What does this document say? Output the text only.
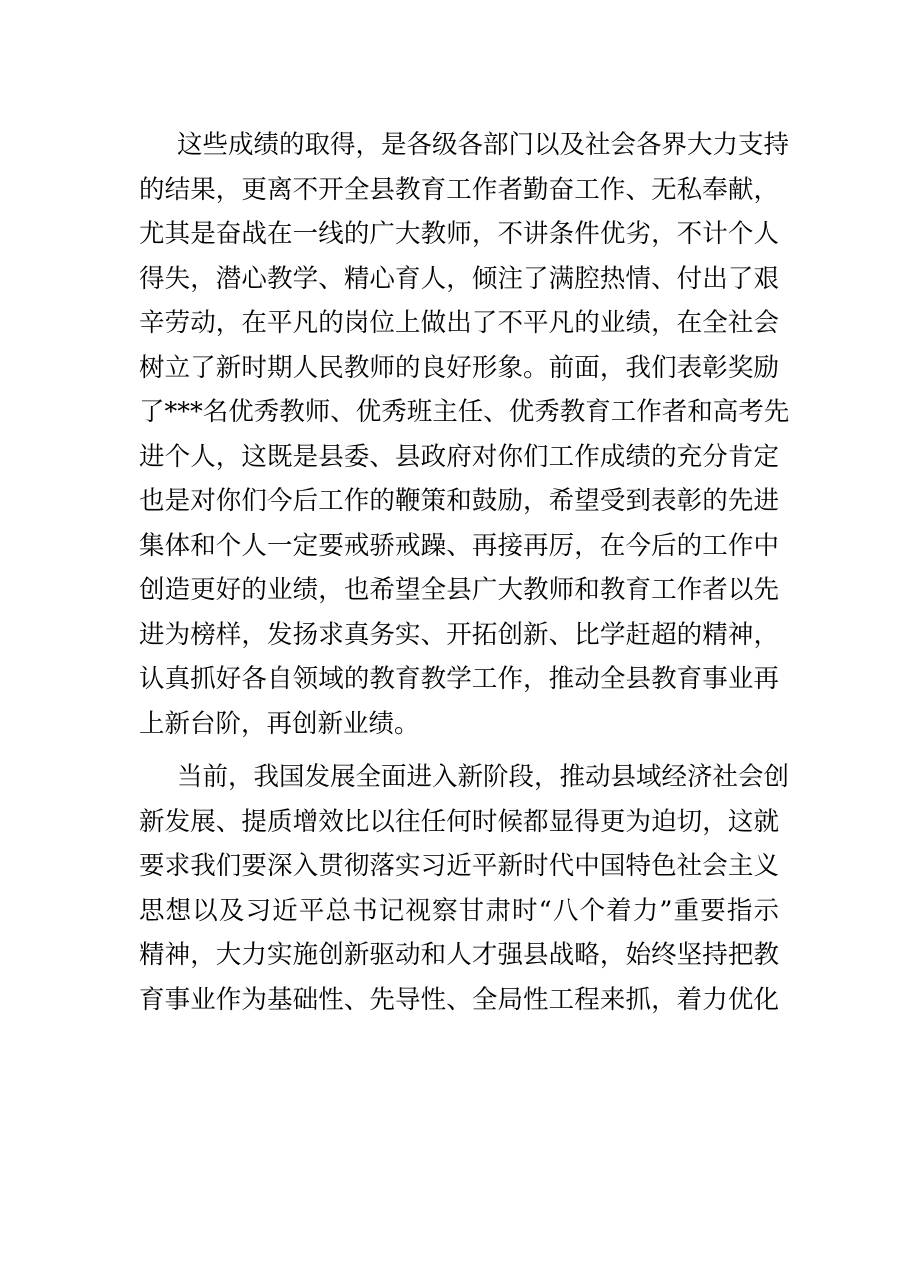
这些成绩的取得，是各级各部门以及社会各界大力支持
的结果，更离不开全县教育工作者勤奋工作、无私奉献，
尤其是奋战在一线的广大教师，不讲条件优劣，不计个人
得失，潜心教学、精心育人，倾注了满腔热情、付出了艰
辛劳动，在平凡的岗位上做出了不平凡的业绩，在全社会
树立了新时期人民教师的良好形象。前面，我们表彰奖励
了***名优秀教师、优秀班主任、优秀教育工作者和高考先
进个人，这既是县委、县政府对你们工作成绩的充分肯定
也是对你们今后工作的鞭策和鼓励，希望受到表彰的先进
集体和个人一定要戒骄戒躁、再接再厉，在今后的工作中
创造更好的业绩，也希望全县广大教师和教育工作者以先
进为榜样，发扬求真务实、开拓创新、比学赶超的精神，
认真抓好各自领域的教育教学工作，推动全县教育事业再
上新台阶，再创新业绩。
当前，我国发展全面进入新阶段，推动县域经济社会创
新发展、提质增效比以往任何时候都显得更为迫切，这就
要求我们要深入贯彻落实习近平新时代中国特色社会主义
思想以及习近平总书记视察甘肃时“八个着力”重要指示
精神，大力实施创新驱动和人才强县战略，始终坚持把教
育事业作为基础性、先导性、全局性工程来抓，着力优化
